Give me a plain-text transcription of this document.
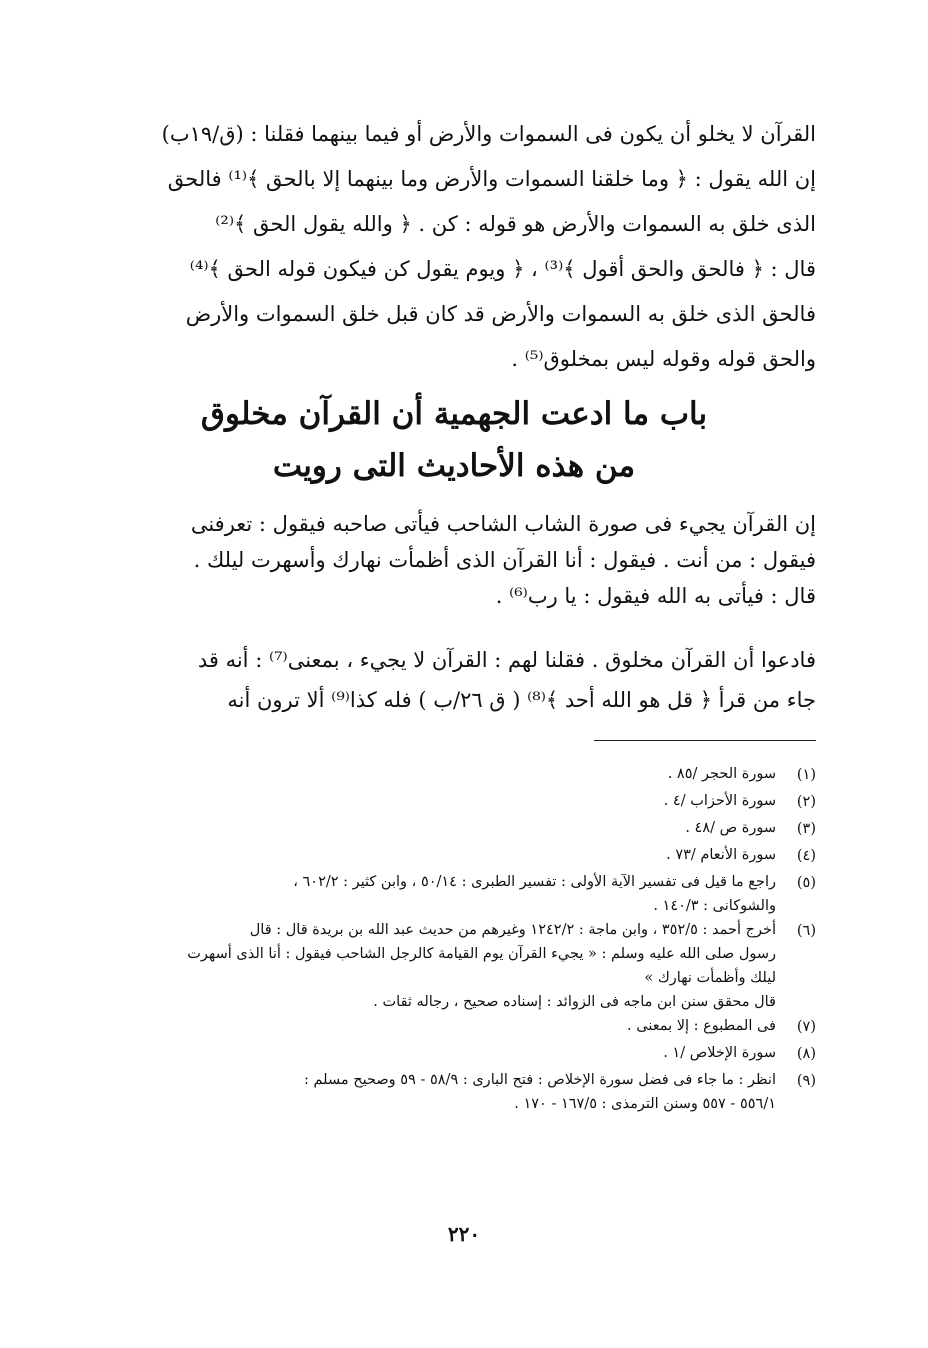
القرآن لا يخلو أن يكون فى السموات والأرض أو فيما بينهما فقلنا : (ق/١٩ب)
إن الله يقول : ﴿ وما خلقنا السموات والأرض وما بينهما إلا بالحق ﴾⁽¹⁾ فالحق
الذى خلق به السموات والأرض هو قوله : كن . ﴿ والله يقول الحق ﴾⁽²⁾
قال : ﴿ فالحق والحق أقول ﴾⁽³⁾ ، ﴿ ويوم يقول كن فيكون قوله الحق ﴾⁽⁴⁾
فالحق الذى خلق به السموات والأرض قد كان قبل خلق السموات والأرض
والحق قوله وقوله ليس بمخلوق⁽⁵⁾ .
باب ما ادعت الجهمية أن القرآن مخلوق
من هذه الأحاديث التى رويت
إن القرآن يجيء فى صورة الشاب الشاحب فيأتى صاحبه فيقول : تعرفنى
فيقول : من أنت . فيقول : أنا القرآن الذى أظمأت نهارك وأسهرت ليلك .
قال : فيأتى به الله فيقول : يا رب⁽⁶⁾ .
فادعوا أن القرآن مخلوق . فقلنا لهم : القرآن لا يجيء ، بمعنى⁽⁷⁾ : أنه قد
جاء من قرأ ﴿ قل هو الله أحد ﴾⁽⁸⁾ ( ق ٢٦/ب ) فله كذا⁽⁹⁾ ألا ترون أنه
(١)
سورة الحجر /٨٥ .
(٢)
سورة الأحزاب /٤ .
(٣)
سورة ص /٤٨ .
(٤)
سورة الأنعام /٧٣ .
(٥)
راجع ما قيل فى تفسير الآية الأولى : تفسير الطبرى : ٥٠/١٤ ، وابن كثير : ٦٠٢/٢ ،
والشوكانى : ١٤٠/٣ .
(٦)
أخرج أحمد : ٣٥٢/٥ ، وابن ماجة : ١٢٤٢/٢ وغيرهم من حديث عبد الله بن بريدة قال : قال
رسول صلى الله عليه وسلم : « يجيء القرآن يوم القيامة كالرجل الشاحب فيقول : أنا الذى أسهرت
ليلك وأظمأت نهارك »
قال محقق سنن ابن ماجه فى الزوائد : إسناده صحيح ، رجاله ثقات .
(٧)
فى المطبوع : إلا بمعنى .
(٨)
سورة الإخلاص /١ .
(٩)
انظر : ما جاء فى فضل سورة الإخلاص : فتح البارى : ٥٨/٩ - ٥٩ وصحيح مسلم :
٥٥٦/١ - ٥٥٧ وسنن الترمذى : ١٦٧/٥ - ١٧٠ .
٢٢٠
